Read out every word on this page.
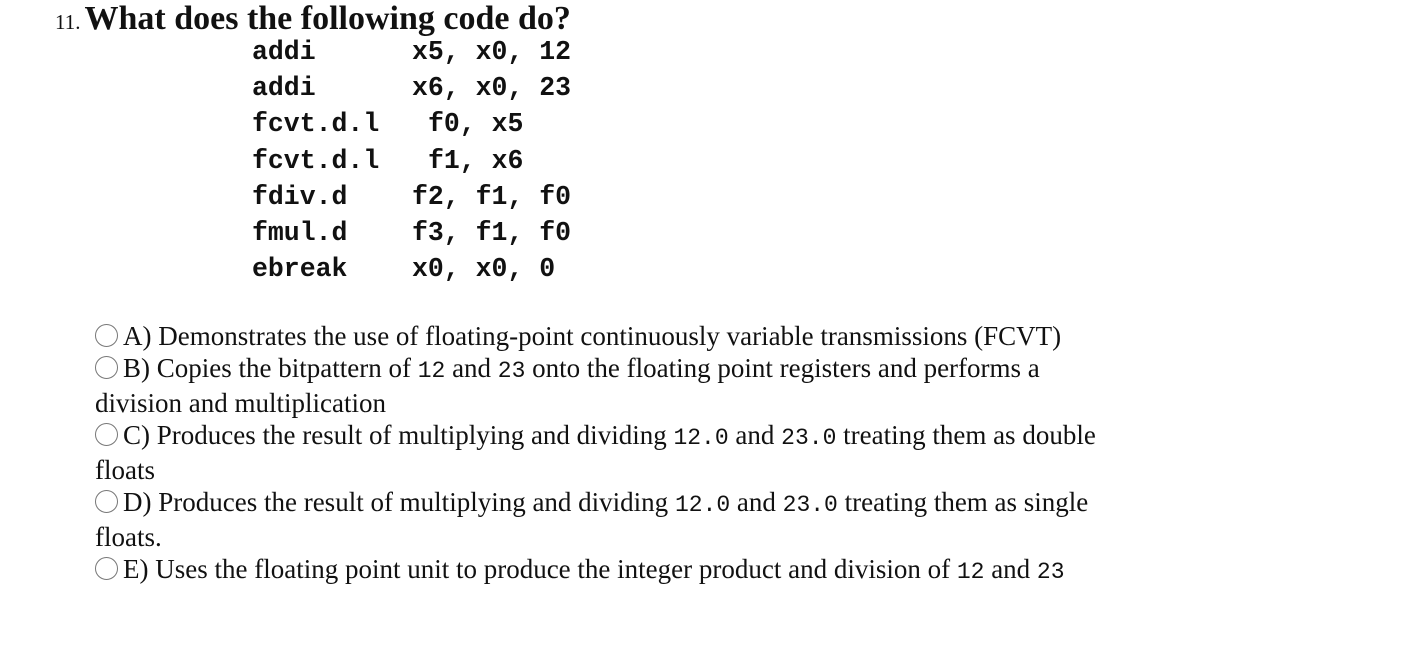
11. What does the following code do?
addi	x5, x0, 12
addi	x6, x0, 23
fcvt.d.l f0, x5
fcvt.d.l f1, x6
fdiv.d f2, f1, f0
fmul.d f3, f1, f0
ebreak x0, x0, 0

A) Demonstrates the use of floating-point continuously variable transmissions (FCVT)

B) Copies the bitpattern of 12 and 23 onto the floating point registers and performs a division and multiplication

C) Produces the result of multiplying and dividing 12.0 and 23.0 treating them as double floats

D) Produces the result of multiplying and dividing 12.0 and 23.0 treating them as single floats.

E) Uses the floating point unit to produce the integer product and division of 12 and 23
